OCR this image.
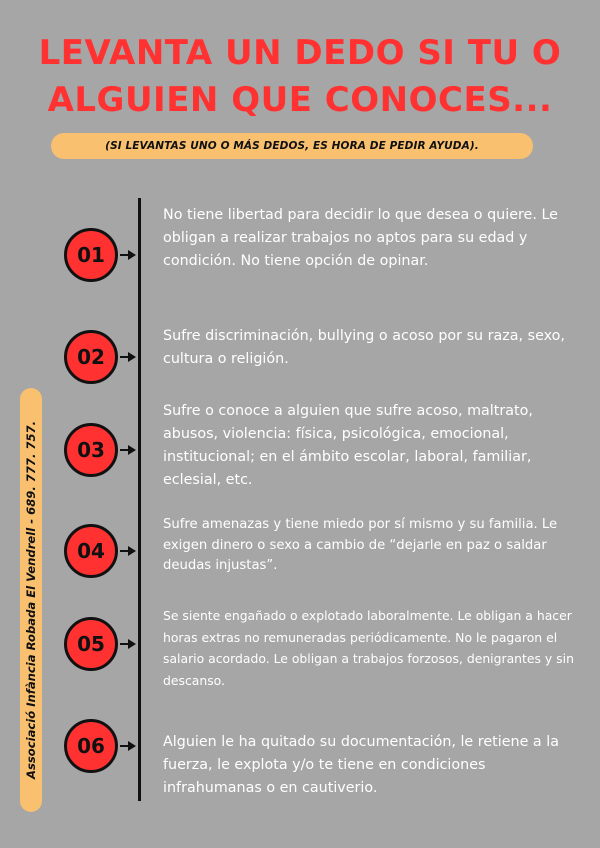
LEVANTA UN DEDO SI TU O ALGUIEN QUE CONOCES...
(SI LEVANTAS UNO O MÁS DEDOS, ES HORA DE PEDIR AYUDA).
Associació Infància Robada El Vendrell - 689. 777. 757.
01

No tiene libertad para decidir lo que desea o quiere. Le obligan a realizar trabajos no aptos para su edad y condición. No tiene opción de opinar.

02

Sufre discriminación, bullying o acoso por su raza, sexo, cultura o religión.

03

Sufre o conoce a alguien que sufre acoso, maltrato, abusos, violencia: física, psicológica, emocional, institucional; en el ámbito escolar, laboral, familiar, eclesial, etc.

04

Sufre amenazas y tiene miedo por sí mismo y su familia. Le exigen dinero o sexo a cambio de “dejarle en paz o saldar deudas injustas”.

05

Se siente engañado o explotado laboralmente. Le obligan a hacer horas extras no remuneradas periódicamente. No le pagaron el salario acordado. Le obligan a trabajos forzosos, denigrantes y sin descanso.

06	Alguien le ha quitado su documentación, le retiene a la fuerza, le explota y/o te tiene en condiciones infrahumanas o en cautiverio.
